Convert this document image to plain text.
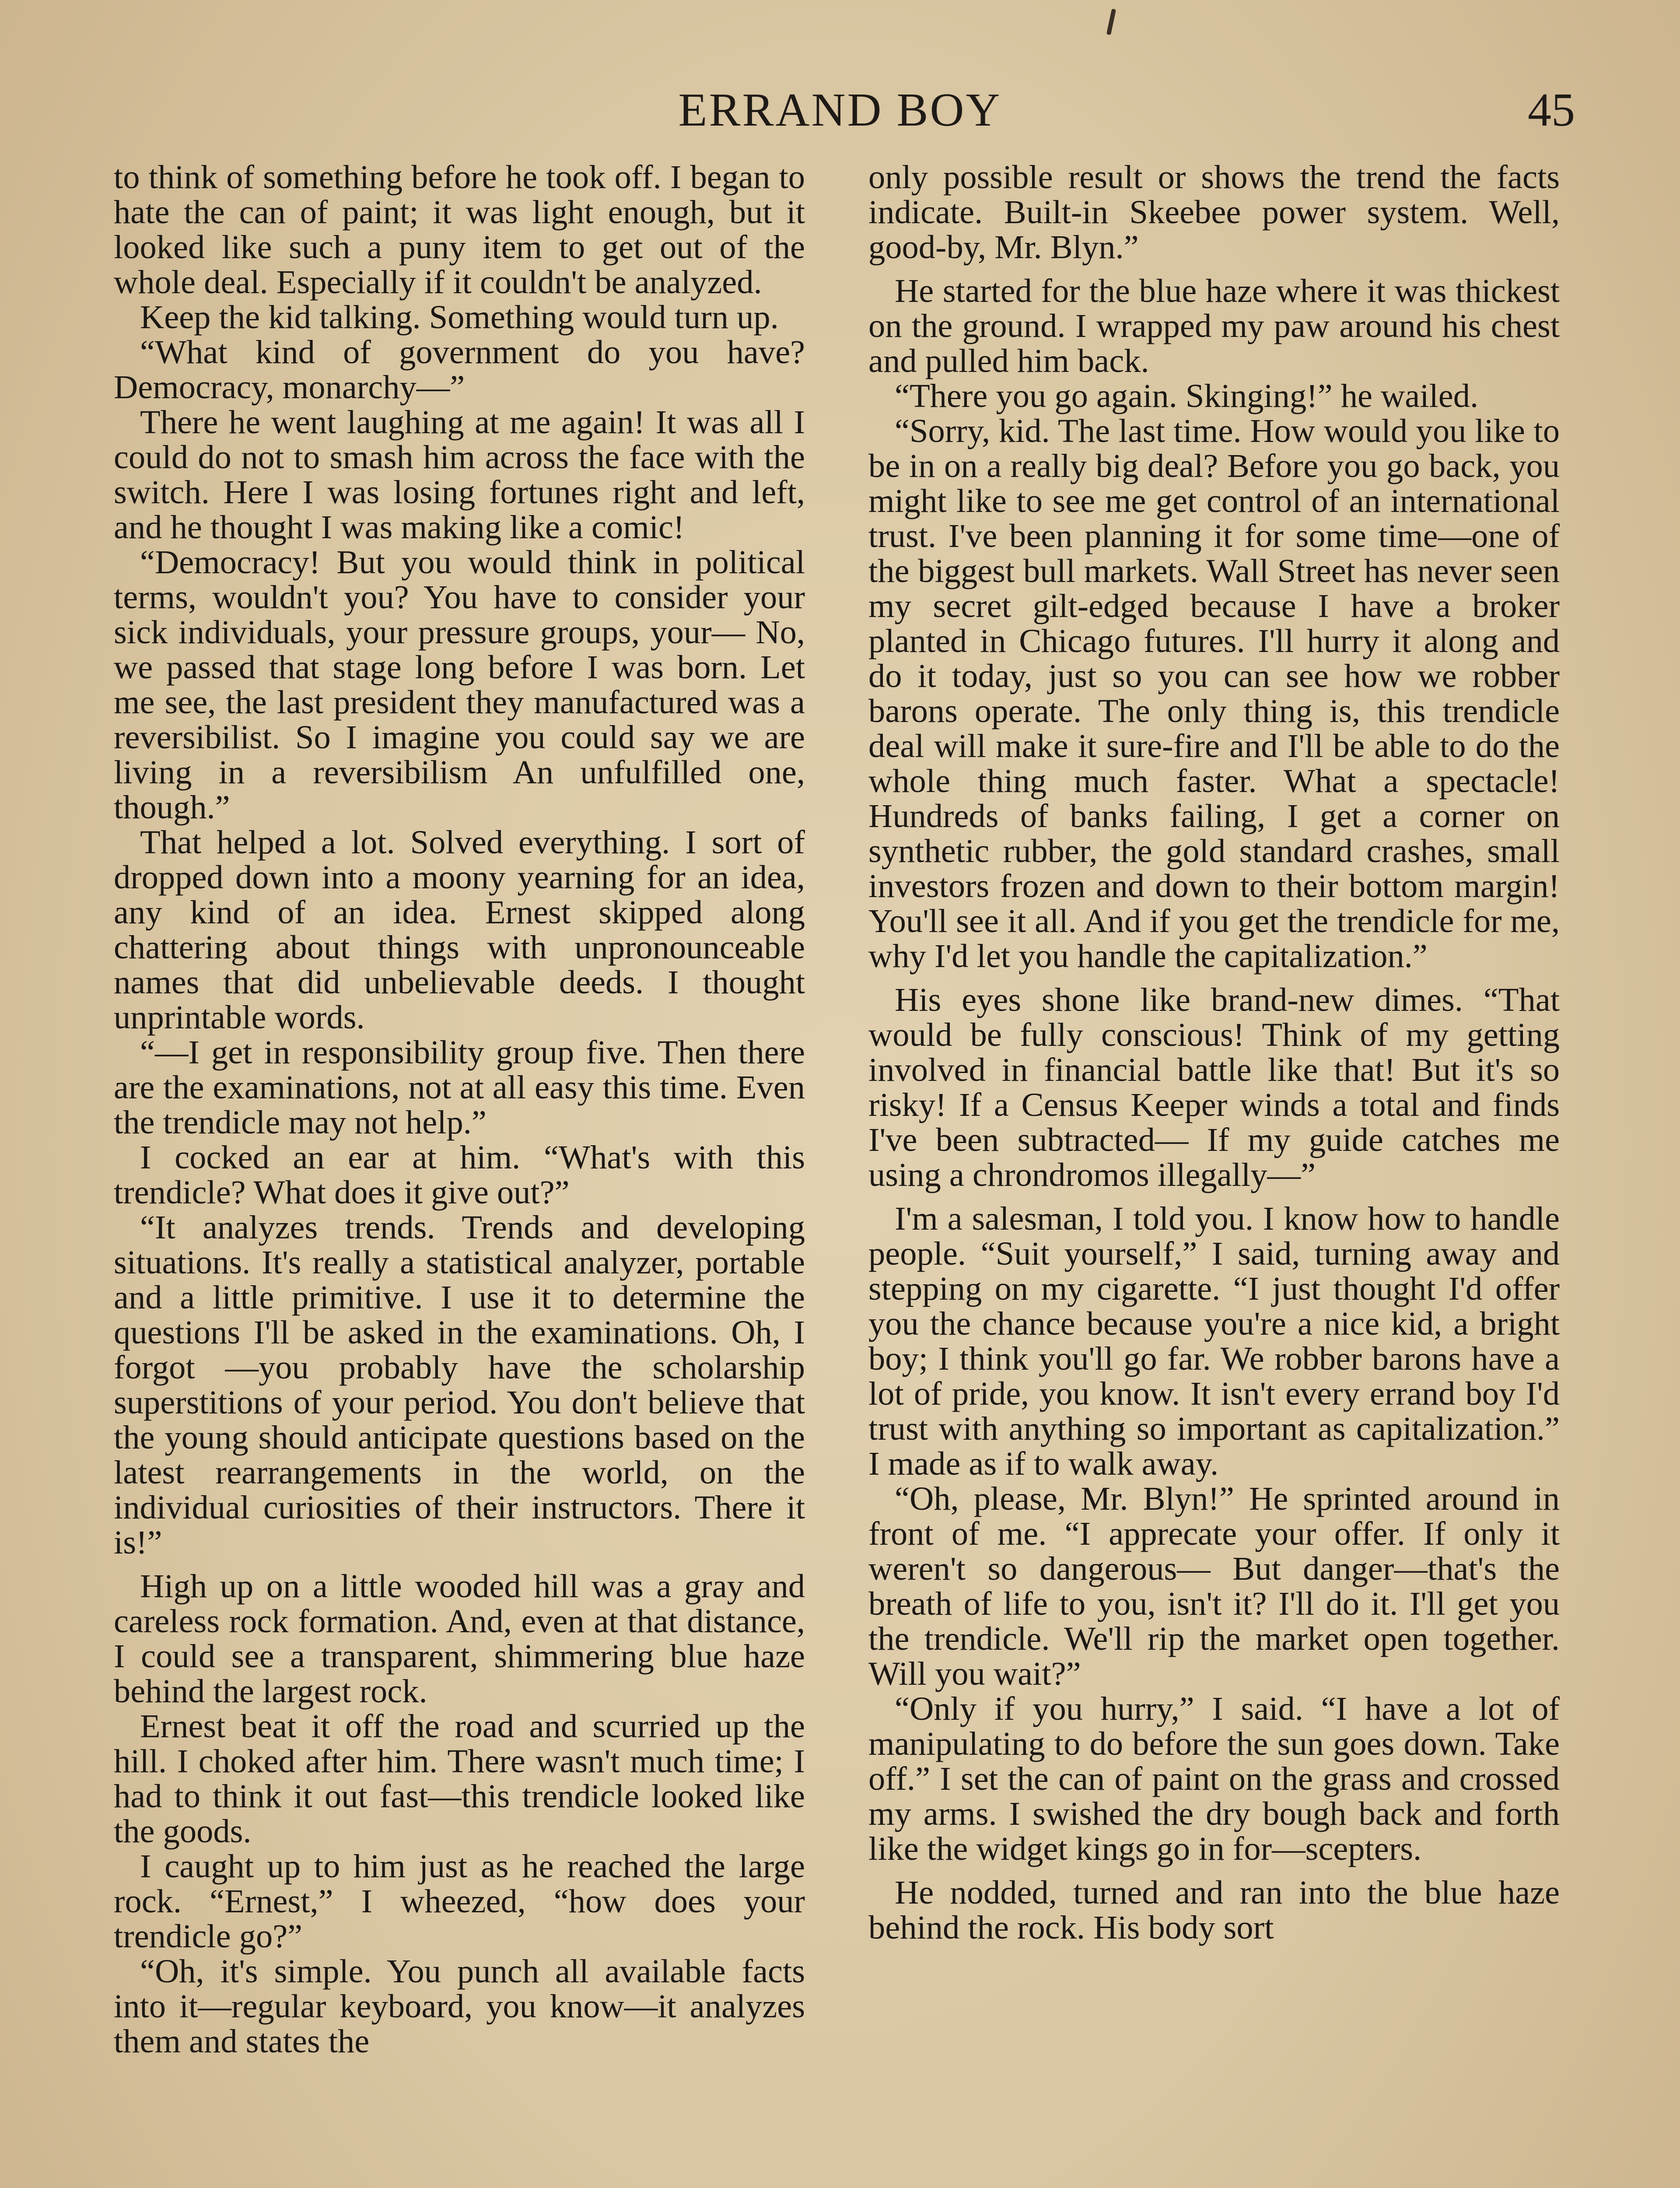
ERRAND BOY	45

to think of something before he took off. I began to hate the can of paint; it was light enough, but it looked like such a puny item to get out of the whole deal. Especially if it couldn't be analyzed.

Keep the kid talking. Something would turn up.

“What kind of government do you have? Democracy, monarchy—”

There he went laughing at me again! It was all I could do not to smash him across the face with the switch. Here I was losing fortunes right and left, and he thought I was making like a comic!

“Democracy! But you would think in political terms, wouldn't you? You have to consider your sick individuals, your pressure groups, your— No, we passed that stage long before I was born. Let me see, the last president they manufactured was a reversibilist. So I imagine you could say we are living in a reversibilism An unfulfilled one, though.”

That helped a lot. Solved everything. I sort of dropped down into a moony yearning for an idea, any kind of an idea. Ernest skipped along chattering about things with unpronounceable names that did unbelievable deeds. I thought unprintable words.

“—I get in responsibility group five. Then there are the examinations, not at all easy this time. Even the trendicle may not help.”

I cocked an ear at him. “What's with this trendicle? What does it give out?”

“It analyzes trends. Trends and developing situations. It's really a statistical analyzer, portable and a little primitive. I use it to determine the questions I'll be asked in the examinations. Oh, I forgot —you probably have the scholarship superstitions of your period. You don't believe that the young should anticipate questions based on the latest rearrangements in the world, on the individual curiosities of their instructors. There it is!”

High up on a little wooded hill was a gray and careless rock formation. And, even at that distance, I could see a transparent, shimmering blue haze behind the largest rock.

Ernest beat it off the road and scurried up the hill. I choked after him. There wasn't much time; I had to think it out fast—this trendicle looked like the goods.

I caught up to him just as he reached the large rock. “Ernest,” I wheezed, “how does your trendicle go?”

“Oh, it's simple. You punch all available facts into it—regular keyboard, you know—it analyzes them and states the

only possible result or shows the trend the facts indicate. Built-in Skeebee power system. Well, good-by, Mr. Blyn.”

He started for the blue haze where it was thickest on the ground. I wrapped my paw around his chest and pulled him back.

“There you go again. Skinging!” he wailed.

“Sorry, kid. The last time. How would you like to be in on a really big deal? Before you go back, you might like to see me get control of an international trust. I've been planning it for some time—one of the biggest bull markets. Wall Street has never seen my secret gilt-edged because I have a broker planted in Chicago futures. I'll hurry it along and do it today, just so you can see how we robber barons operate. The only thing is, this trendicle deal will make it sure-fire and I'll be able to do the whole thing much faster. What a spectacle! Hundreds of banks failing, I get a corner on synthetic rubber, the gold standard crashes, small investors frozen and down to their bottom margin! You'll see it all. And if you get the trendicle for me, why I'd let you handle the capitalization.”

His eyes shone like brand-new dimes. “That would be fully conscious! Think of my getting involved in financial battle like that! But it's so risky! If a Census Keeper winds a total and finds I've been subtracted— If my guide catches me using a chrondromos illegally—”

I'm a salesman, I told you. I know how to handle people. “Suit yourself,” I said, turning away and stepping on my cigarette. “I just thought I'd offer you the chance because you're a nice kid, a bright boy; I think you'll go far. We robber barons have a lot of pride, you know. It isn't every errand boy I'd trust with anything so important as capitalization.” I made as if to walk away.

“Oh, please, Mr. Blyn!” He sprinted around in front of me. “I apprecate your offer. If only it weren't so dangerous— But danger—that's the breath of life to you, isn't it? I'll do it. I'll get you the trendicle. We'll rip the market open together. Will you wait?”

“Only if you hurry,” I said. “I have a lot of manipulating to do before the sun goes down. Take off.” I set the can of paint on the grass and crossed my arms. I swished the dry bough back and forth like the widget kings go in for—scepters.

He nodded, turned and ran into the blue haze behind the rock. His body sort
